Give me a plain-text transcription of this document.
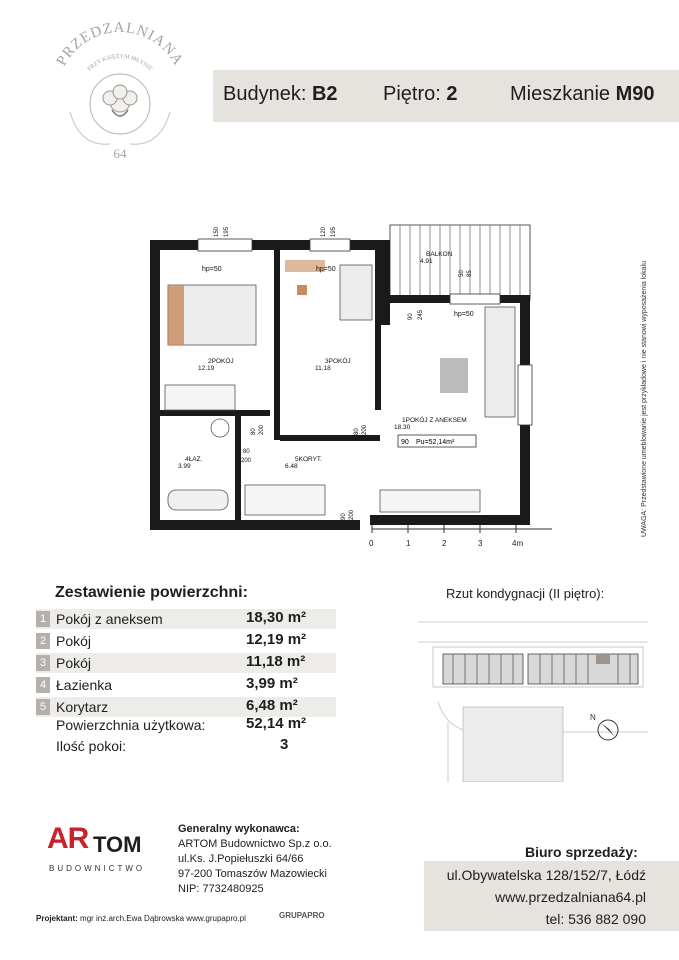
PRZEDZALNIANA
PRZY KSIĘŻYM MŁYNIE
64
Budynek: B2 Piętro: 2	Mieszkanie M90
hp=50	hp=50
hp=50
2POKÓJ
12.19
3POKÓJ
11.18
1POKÓJ Z ANEKSEM
18.30
4ŁAZ.
3.99
5KORYT.
6.48
BALKON
4.91
90 Pu=52,14m²
150 195	120 195
90 245
80 200	80 200
80
200
90 200
50 85
0	1	2	3	4m
UWAGA: Przedstawione umeblowanie jest przykładowe i nie stanowi wyposażenia lokalu
Zestawienie powierzchni:
1 Pokój z aneksem	18,30 m²
2 Pokój	12,19 m²
3 Pokój	11,18 m²
4 Łazienka	3,99 m²
5 Korytarz	6,48 m²
Powierzchnia użytkowa:	52,14 m²
Ilość pokoi:	3
Rzut kondygnacji (II piętro):
N
AR TOM
BUDOWNICTWO
Generalny wykonawca:
ARTOM Budownictwo Sp.z o.o.
ul.Ks. J.Popiełuszki 64/66
97-200 Tomaszów Mazowiecki
NIP: 7732480925
Biuro sprzedaży:
ul.Obywatelska 128/152/7, Łódź
www.przedzalniana64.pl
tel: 536 882 090
Projektant: mgr inż.arch.Ewa Dąbrowska www.grupapro.pl	GRUPAPRO
